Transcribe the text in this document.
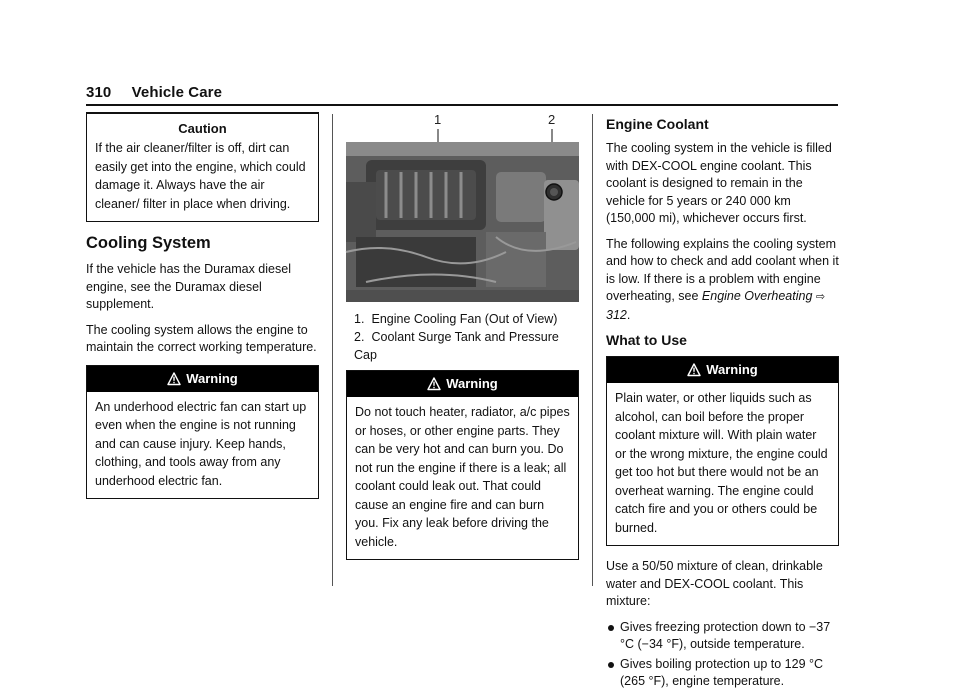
310 Vehicle Care
Caution
If the air cleaner/filter is off, dirt can easily get into the engine, which could damage it. Always have the air cleaner/ filter in place when driving.
Cooling System

If the vehicle has the Duramax diesel engine, see the Duramax diesel supplement.

The cooling system allows the engine to maintain the correct working temperature.

Warning
An underhood electric fan can start up even when the engine is not running and can cause injury. Keep hands, clothing, and tools away from any underhood electric fan.
1	2
1. Engine Cooling Fan (Out of View)
2. Coolant Surge Tank and Pressure Cap
Warning
Do not touch heater, radiator, a/c pipes or hoses, or other engine parts. They can be very hot and can burn you. Do not run the engine if there is a leak; all coolant could leak out. That could cause an engine fire and can burn you. Fix any leak before driving the vehicle.
Engine Coolant

The cooling system in the vehicle is filled with DEX-COOL engine coolant. This coolant is designed to remain in the vehicle for 5 years or 240 000 km (150,000 mi), whichever occurs first.

The following explains the cooling system and how to check and add coolant when it is low. If there is a problem with engine overheating, see Engine Overheating ⇨ 312.

What to Use
Warning
Plain water, or other liquids such as alcohol, can boil before the proper coolant mixture will. With plain water or the wrong mixture, the engine could get too hot but there would not be an overheat warning. The engine could catch fire and you or others could be burned.

Use a 50/50 mixture of clean, drinkable water and DEX-COOL coolant. This mixture:

Gives freezing protection down to −37 °C (−34 °F), outside temperature.
Gives boiling protection up to 129 °C (265 °F), engine temperature.
